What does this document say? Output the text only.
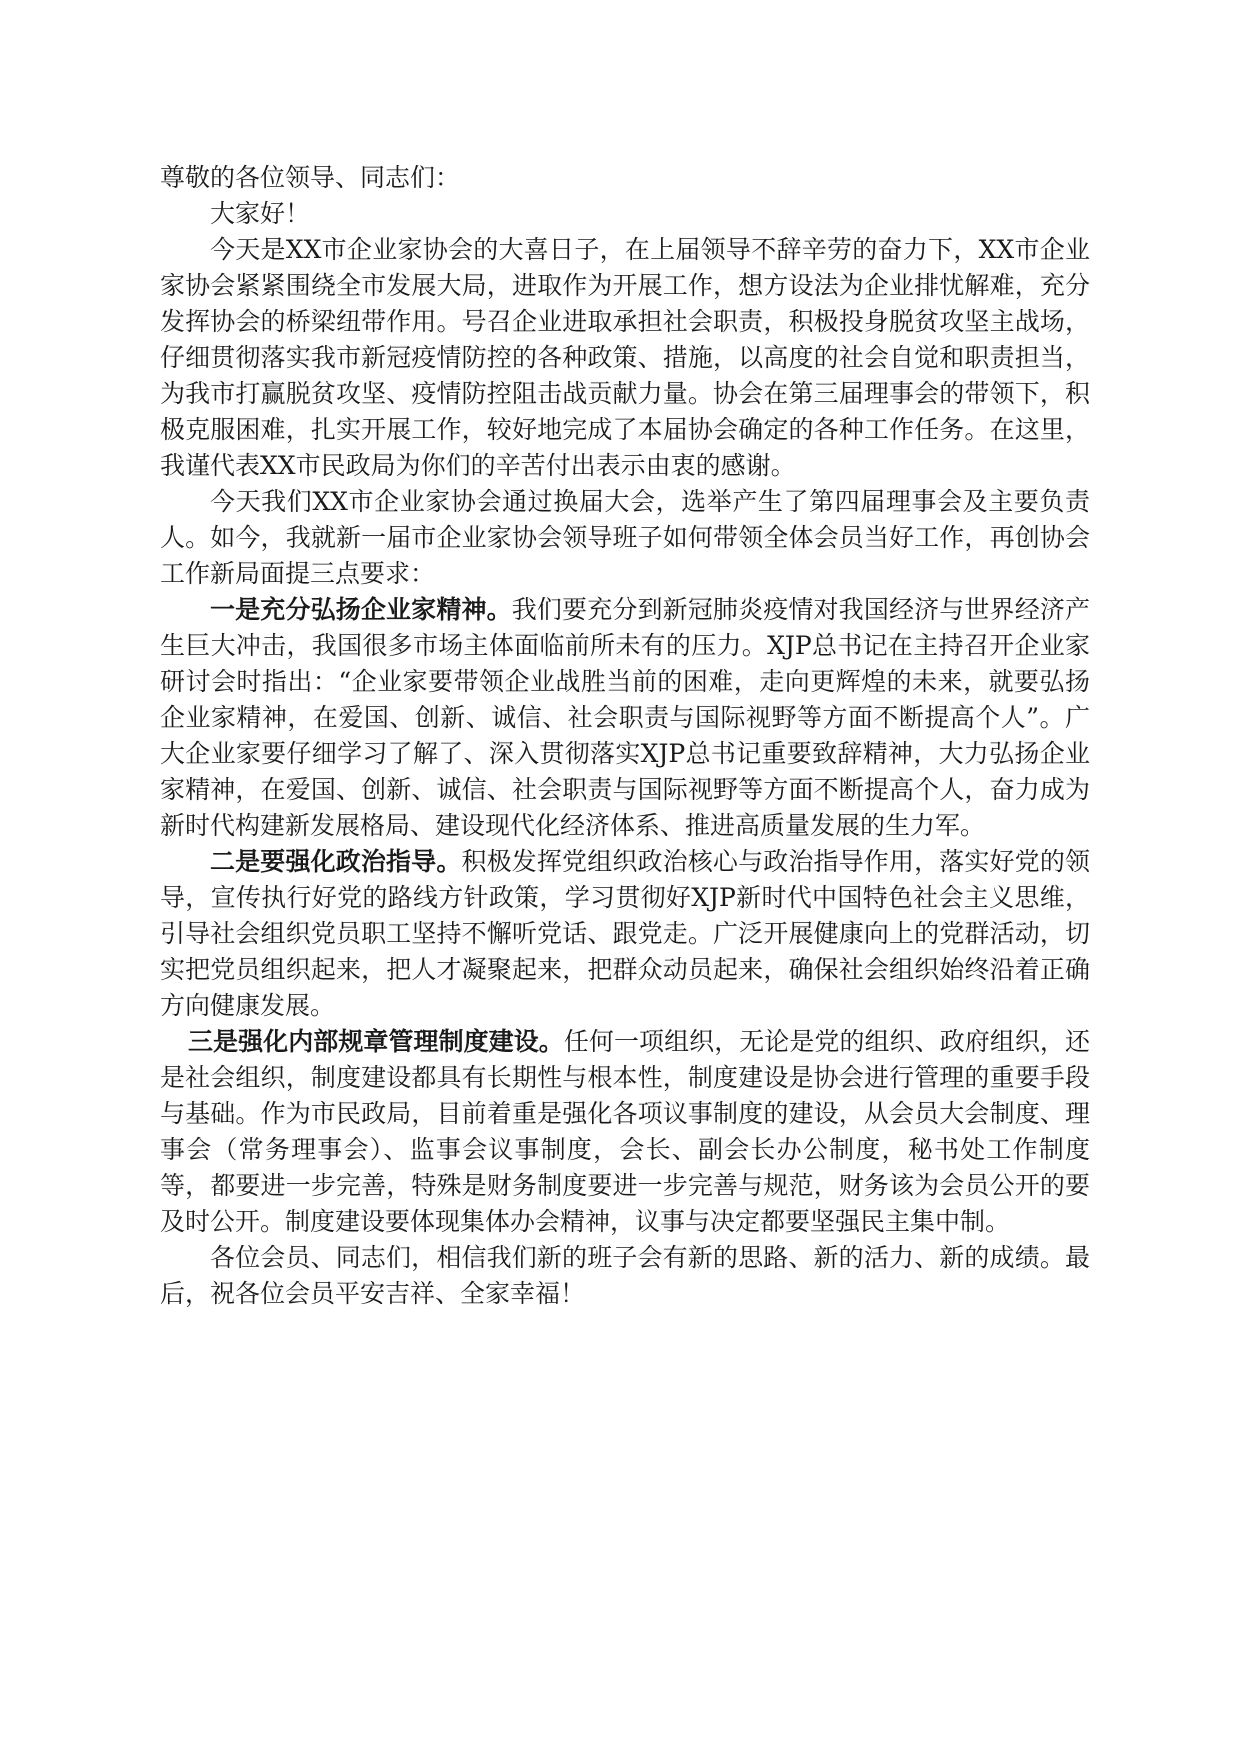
尊敬的各位领导、同志们：

大家好！

今天是XX市企业家协会的大喜日子，在上届领导不辞辛劳的奋力下，XX市企业家协会紧紧围绕全市发展大局，进取作为开展工作，想方设法为企业排忧解难，充分发挥协会的桥梁纽带作用。号召企业进取承担社会职责，积极投身脱贫攻坚主战场，仔细贯彻落实我市新冠疫情防控的各种政策、措施，以高度的社会自觉和职责担当，为我市打赢脱贫攻坚、疫情防控阻击战贡献力量。协会在第三届理事会的带领下，积极克服困难，扎实开展工作，较好地完成了本届协会确定的各种工作任务。在这里，我谨代表XX市民政局为你们的辛苦付出表示由衷的感谢。

今天我们XX市企业家协会通过换届大会，选举产生了第四届理事会及主要负责人。如今，我就新一届市企业家协会领导班子如何带领全体会员当好工作，再创协会工作新局面提三点要求：

一是充分弘扬企业家精神。我们要充分到新冠肺炎疫情对我国经济与世界经济产生巨大冲击，我国很多市场主体面临前所未有的压力。XJP总书记在主持召开企业家研讨会时指出：“企业家要带领企业战胜当前的困难，走向更辉煌的未来，就要弘扬企业家精神，在爱国、创新、诚信、社会职责与国际视野等方面不断提高个人”。广大企业家要仔细学习了解了、深入贯彻落实XJP总书记重要致辞精神，大力弘扬企业家精神，在爱国、创新、诚信、社会职责与国际视野等方面不断提高个人，奋力成为新时代构建新发展格局、建设现代化经济体系、推进高质量发展的生力军。

二是要强化政治指导。积极发挥党组织政治核心与政治指导作用，落实好党的领导，宣传执行好党的路线方针政策，学习贯彻好XJP新时代中国特色社会主义思维，引导社会组织党员职工坚持不懈听党话、跟党走。广泛开展健康向上的党群活动，切实把党员组织起来，把人才凝聚起来，把群众动员起来，确保社会组织始终沿着正确方向健康发展。

三是强化内部规章管理制度建设。任何一项组织，无论是党的组织、政府组织，还是社会组织，制度建设都具有长期性与根本性，制度建设是协会进行管理的重要手段与基础。作为市民政局，目前着重是强化各项议事制度的建设，从会员大会制度、理事会（常务理事会）、监事会议事制度，会长、副会长办公制度，秘书处工作制度等，都要进一步完善，特殊是财务制度要进一步完善与规范，财务该为会员公开的要及时公开。制度建设要体现集体办会精神，议事与决定都要坚强民主集中制。

各位会员、同志们，相信我们新的班子会有新的思路、新的活力、新的成绩。最后，祝各位会员平安吉祥、全家幸福！
